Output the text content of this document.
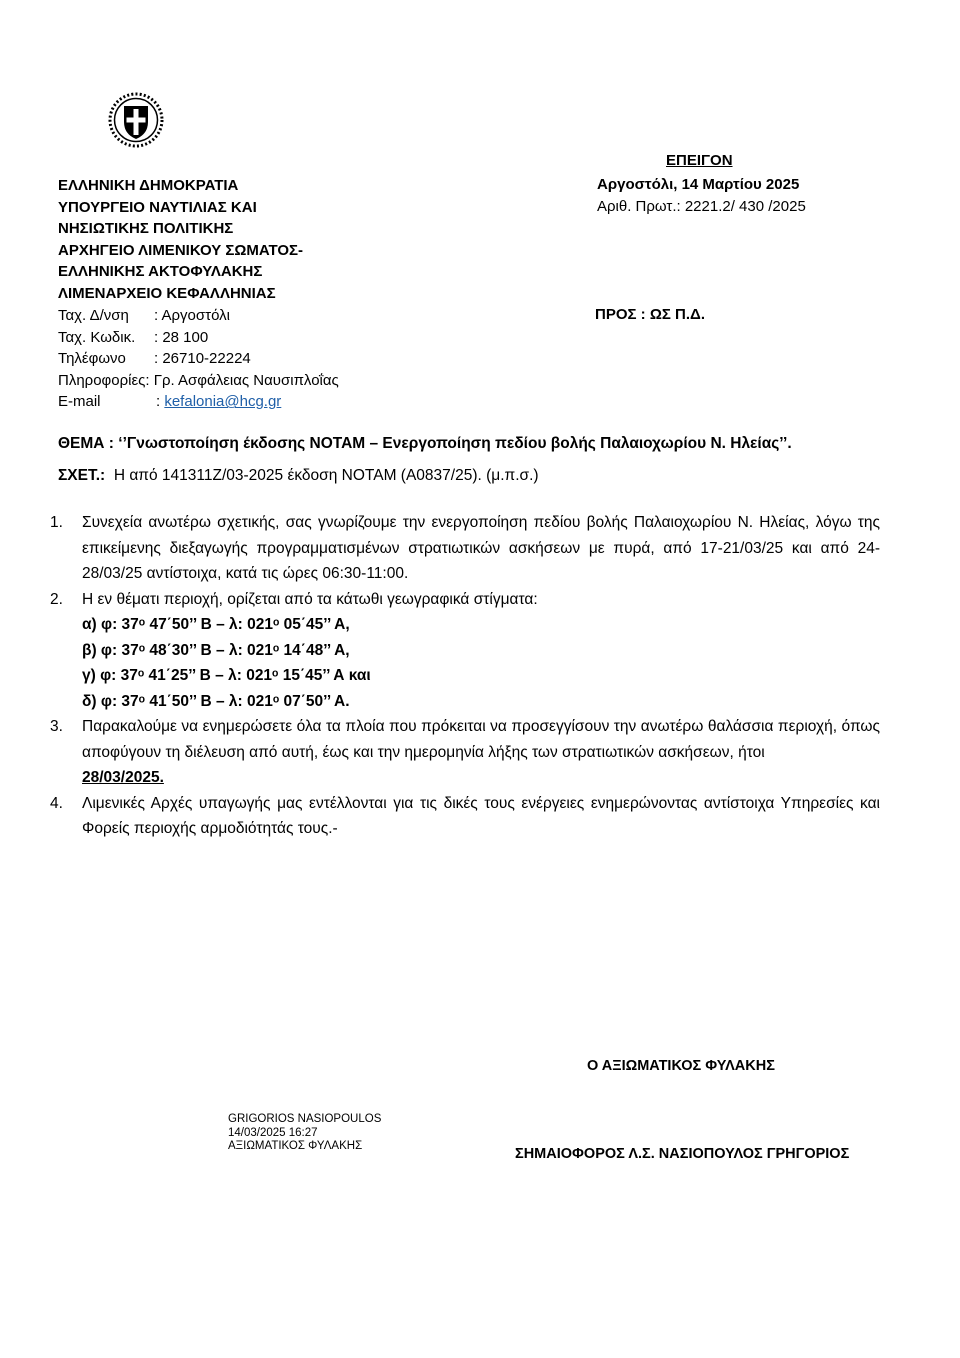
ΕΠΕΙΓΟΝ
ΕΛΛΗΝΙΚΗ ΔΗΜΟΚΡΑΤΙΑ
ΥΠΟΥΡΓΕΙΟ ΝΑΥΤΙΛΙΑΣ ΚΑΙ
ΝΗΣΙΩΤΙΚΗΣ ΠΟΛΙΤΙΚΗΣ
ΑΡΧΗΓΕΙΟ ΛΙΜΕΝΙΚΟΥ ΣΩΜΑΤΟΣ-
ΕΛΛΗΝΙΚΗΣ ΑΚΤΟΦΥΛΑΚΗΣ
ΛΙΜΕΝΑΡΧΕΙΟ ΚΕΦΑΛΛΗΝΙΑΣ
Αργοστόλι, 14 Μαρτίου 2025
Αριθ. Πρωτ.: 2221.2/ 430 /2025
ΠΡΟΣ : ΩΣ Π.Δ.
Ταχ. Δ/νση : Αργοστόλι
Ταχ. Κωδικ. : 28 100
Τηλέφωνο : 26710-22224
Πληροφορίες: Γρ. Ασφάλειας Ναυσιπλοΐας
E-mail	: kefalonia@hcg.gr
ΘΕΜΑ : ‘’Γνωστοποίηση έκδοσης NOTAM – Ενεργοποίηση πεδίου βολής Παλαιοχωρίου Ν. Ηλείας’’.
ΣΧΕΤ.: Η από 141311Z/03-2025 έκδοση NOTAM (A0837/25). (μ.π.σ.)
1. Συνεχεία ανωτέρω σχετικής, σας γνωρίζουμε την ενεργοποίηση πεδίου βολής Παλαιοχωρίου Ν. Ηλείας, λόγω της επικείμενης διεξαγωγής προγραμματισμένων στρατιωτικών ασκήσεων με πυρά, από 17-21/03/25 και από 24-28/03/25 αντίστοιχα, κατά τις ώρες 06:30-11:00.
2. Η εν θέματι περιοχή, ορίζεται από τα κάτωθι γεωγραφικά στίγματα:
α) φ: 37ᵒ 47΄50’’ Β – λ: 021ᵒ 05΄45’’ Α,
β) φ: 37ᵒ 48΄30’’ Β – λ: 021ᵒ 14΄48’’ Α,
γ) φ: 37ᵒ 41΄25’’ Β – λ: 021ᵒ 15΄45’’ Α και
δ) φ: 37ᵒ 41΄50’’ Β – λ: 021ᵒ 07΄50’’ Α.
3. Παρακαλούμε να ενημερώσετε όλα τα πλοία που πρόκειται να προσεγγίσουν την ανωτέρω θαλάσσια περιοχή, όπως αποφύγουν τη διέλευση από αυτή, έως και την ημερομηνία λήξης των στρατιωτικών ασκήσεων, ήτοι
28/03/2025.
4. Λιμενικές Αρχές υπαγωγής μας εντέλλονται για τις δικές τους ενέργειες ενημερώνοντας αντίστοιχα Υπηρεσίες και Φορείς περιοχής αρμοδιότητάς τους.-
Ο ΑΞΙΩΜΑΤΙΚΟΣ ΦΥΛΑΚΗΣ
GRIGORIOS NASIOPOULOS
14/03/2025 16:27
ΑΞΙΩΜΑΤΙΚΟΣ ΦΥΛΑΚΗΣ	ΣΗΜΑΙΟΦΟΡΟΣ Λ.Σ. ΝΑΣΙΟΠΟΥΛΟΣ ΓΡΗΓΟΡΙΟΣ
